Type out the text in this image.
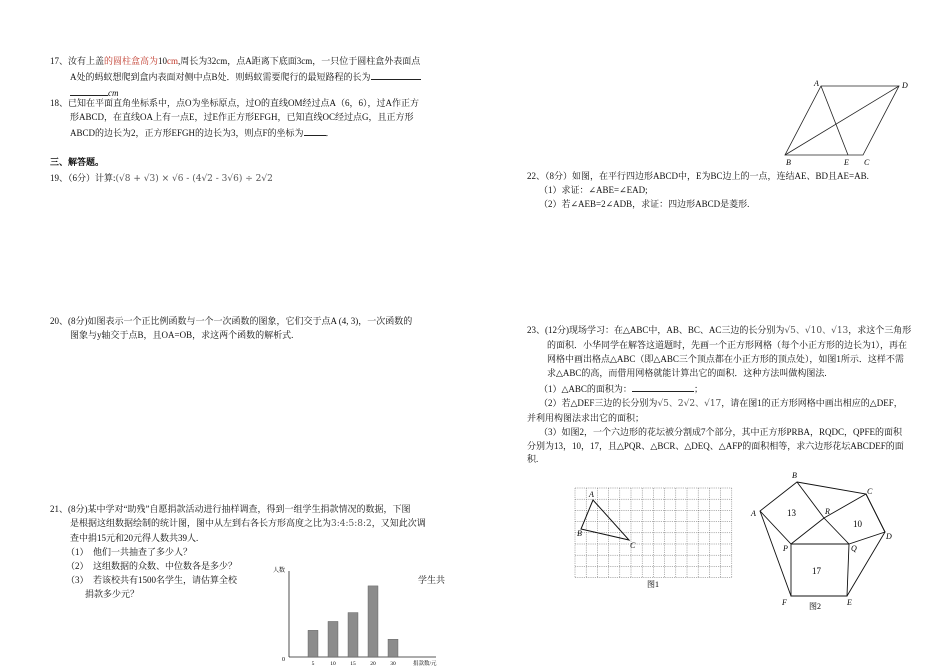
17、汝有上盖的圆柱盒高为10cm,周长为32cm，点A距离下底面3cm，一只位于圆柱盒外表面点
A处的蚂蚁想爬到盒内表面对侧中点B处．则蚂蚁需要爬行的最短路程的长为
cm
18、已知在平面直角坐标系中，点O为坐标原点，过O的直线OM经过点A（6，6），过A作正方
形ABCD，在直线OA上有一点E，过E作正方形EFGH，已知直线OC经过点G，且正方形
ABCD的边长为2，正方形EFGH的边长为3，则点F的坐标为 ．
三、解答题。
19、（6分）计算:(√8 + √3) × √6 - (4√2 - 3√6) ÷ 2√2
20、(8分)如图表示一个正比例函数与一个一次函数的图象，它们交于点A (4, 3)，一次函数的
图象与y轴交于点B，且OA=OB，求这两个函数的解析式.
21、(8分)某中学对“助残”自愿捐款活动进行抽样调查，得到一组学生捐款情况的数据，下图
是根据这组数据绘制的统计图，图中从左到右各长方形高度之比为3:4:5:8:2，又知此次调
查中捐15元和20元得人数共39人.
（1） 他们一共抽查了多少人？
（2） 这组数据的众数、中位数各是多少？
（3） 若该校共有1500名学生，请估算全校	学生共
捐款多少元？
人数
0
捐款数/元
5	10	15	20	30
A	D
B	E C
22、（8分）如图，在平行四边形ABCD中，E为BC边上的一点，连结AE、BD且AE=AB.
（1）求证：∠ABE=∠EAD;
（2）若∠AEB=2∠ADB，求证：四边形ABCD是菱形.
23、(12分)现场学习：在△ABC中，AB、BC、AC三边的长分别为√5、√10、√13，求这个三角形
的面积．小华同学在解答这道题时，先画一个正方形网格（每个小正方形的边长为1），再在
网格中画出格点△ABC（即△ABC三个顶点都在小正方形的顶点处），如图1所示．这样不需
求△ABC的高，而借用网格就能计算出它的面积．这种方法叫做构图法.
（1）△ABC的面积为：	；
（2）若△DEF三边的长分别为√5、2√2、√17，请在图1的正方形网格中画出相应的△DEF，
并利用构图法求出它的面积；
（3）如图2，一个六边形的花坛被分割成7个部分，其中正方形PRBA，RQDC，QPFE的面积
分别为13，10，17，且△PQR、△BCR、△DEQ、△AFP的面积相等，求六边形花坛ABCDEF的面
积.
A
B
C
图1
B
C
A	R
D
P	Q
F	E
13
10
17
图2
